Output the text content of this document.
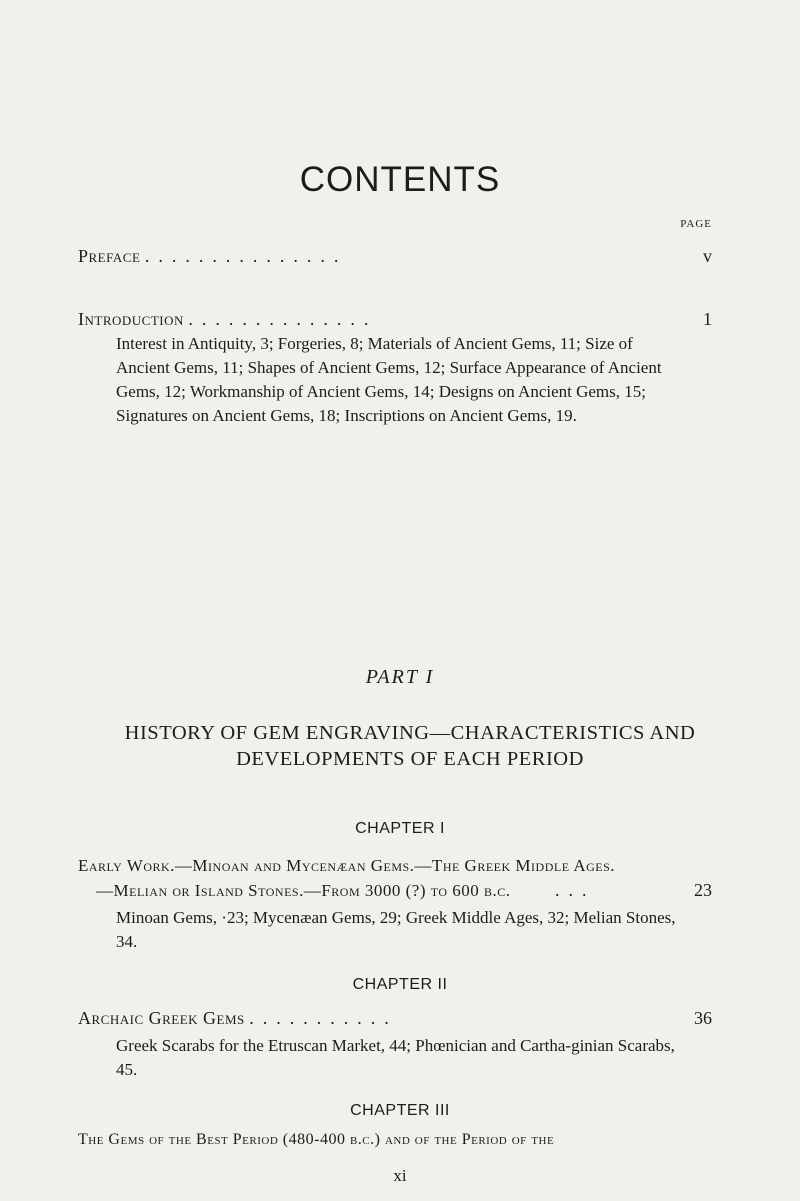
CONTENTS
PAGE
Preface ...............	v
Introduction ..............	1
Interest in Antiquity, 3; Forgeries, 8; Materials of Ancient Gems, 11; Size of Ancient Gems, 11; Shapes of Ancient Gems, 12; Surface Appearance of Ancient Gems, 12; Workmanship of Ancient Gems, 14; Designs on Ancient Gems, 15; Signatures on Ancient Gems, 18; Inscriptions on Ancient Gems, 19.
PART I
HISTORY OF GEM ENGRAVING—CHARACTERISTICS AND DEVELOPMENTS OF EACH PERIOD
CHAPTER I
Early Work.—Minoan and Mycenæan Gems.—The Greek Middle Ages.
—Melian or Island Stones.—From 3000 (?) to 600 b.c. ...	23
Minoan Gems, ·23; Mycenæan Gems, 29; Greek Middle Ages, 32; Melian Stones, 34.
CHAPTER II
Archaic Greek Gems ...........	36
Greek Scarabs for the Etruscan Market, 44; Phœnician and Cartha-ginian Scarabs, 45.
CHAPTER III
The Gems of the Best Period (480-400 b.c.) and of the Period of the
xi
